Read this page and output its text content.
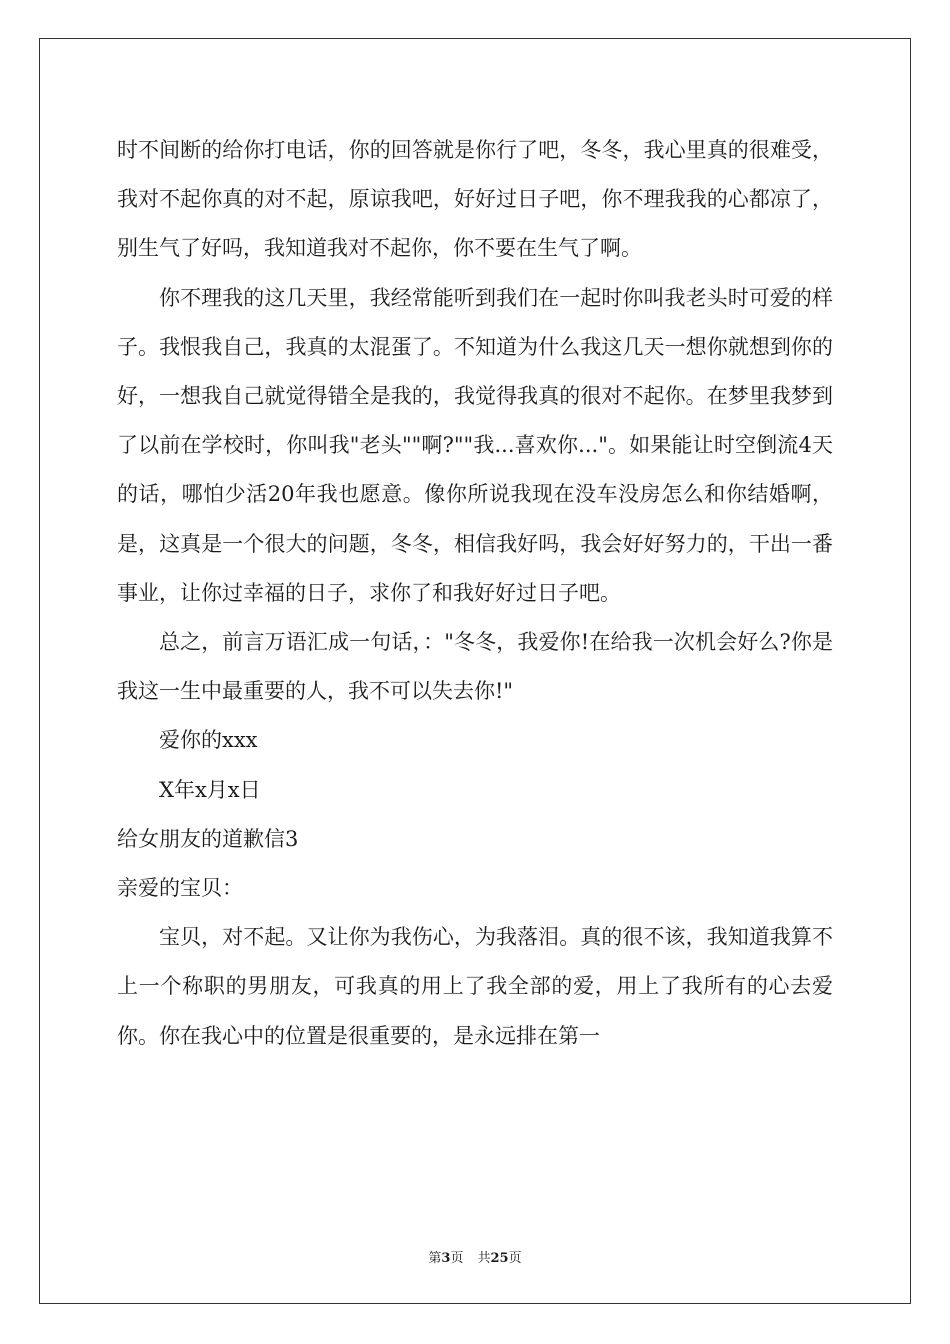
时不间断的给你打电话，你的回答就是你行了吧，冬冬，我心里真的很难受，我对不起你真的对不起，原谅我吧，好好过日子吧，你不理我我的心都凉了，别生气了好吗，我知道我对不起你，你不要在生气了啊。

你不理我的这几天里，我经常能听到我们在一起时你叫我老头时可爱的样子。我恨我自己，我真的太混蛋了。不知道为什么我这几天一想你就想到你的好，一想我自己就觉得错全是我的，我觉得我真的很对不起你。在梦里我梦到了以前在学校时，你叫我"老头""啊?""我...喜欢你..."。如果能让时空倒流4天的话，哪怕少活20年我也愿意。像你所说我现在没车没房怎么和你结婚啊，是，这真是一个很大的问题，冬冬，相信我好吗，我会好好努力的，干出一番事业，让你过幸福的日子，求你了和我好好过日子吧。

总之，前言万语汇成一句话，："冬冬，我爱你!在给我一次机会好么?你是我这一生中最重要的人，我不可以失去你!"

爱你的xxx

X年x月x日

给女朋友的道歉信3

亲爱的宝贝：

宝贝，对不起。又让你为我伤心，为我落泪。真的很不该，我知道我算不上一个称职的男朋友，可我真的用上了我全部的爱，用上了我所有的心去爱你。你在我心中的位置是很重要的，是永远排在第一

第3页 共25页
